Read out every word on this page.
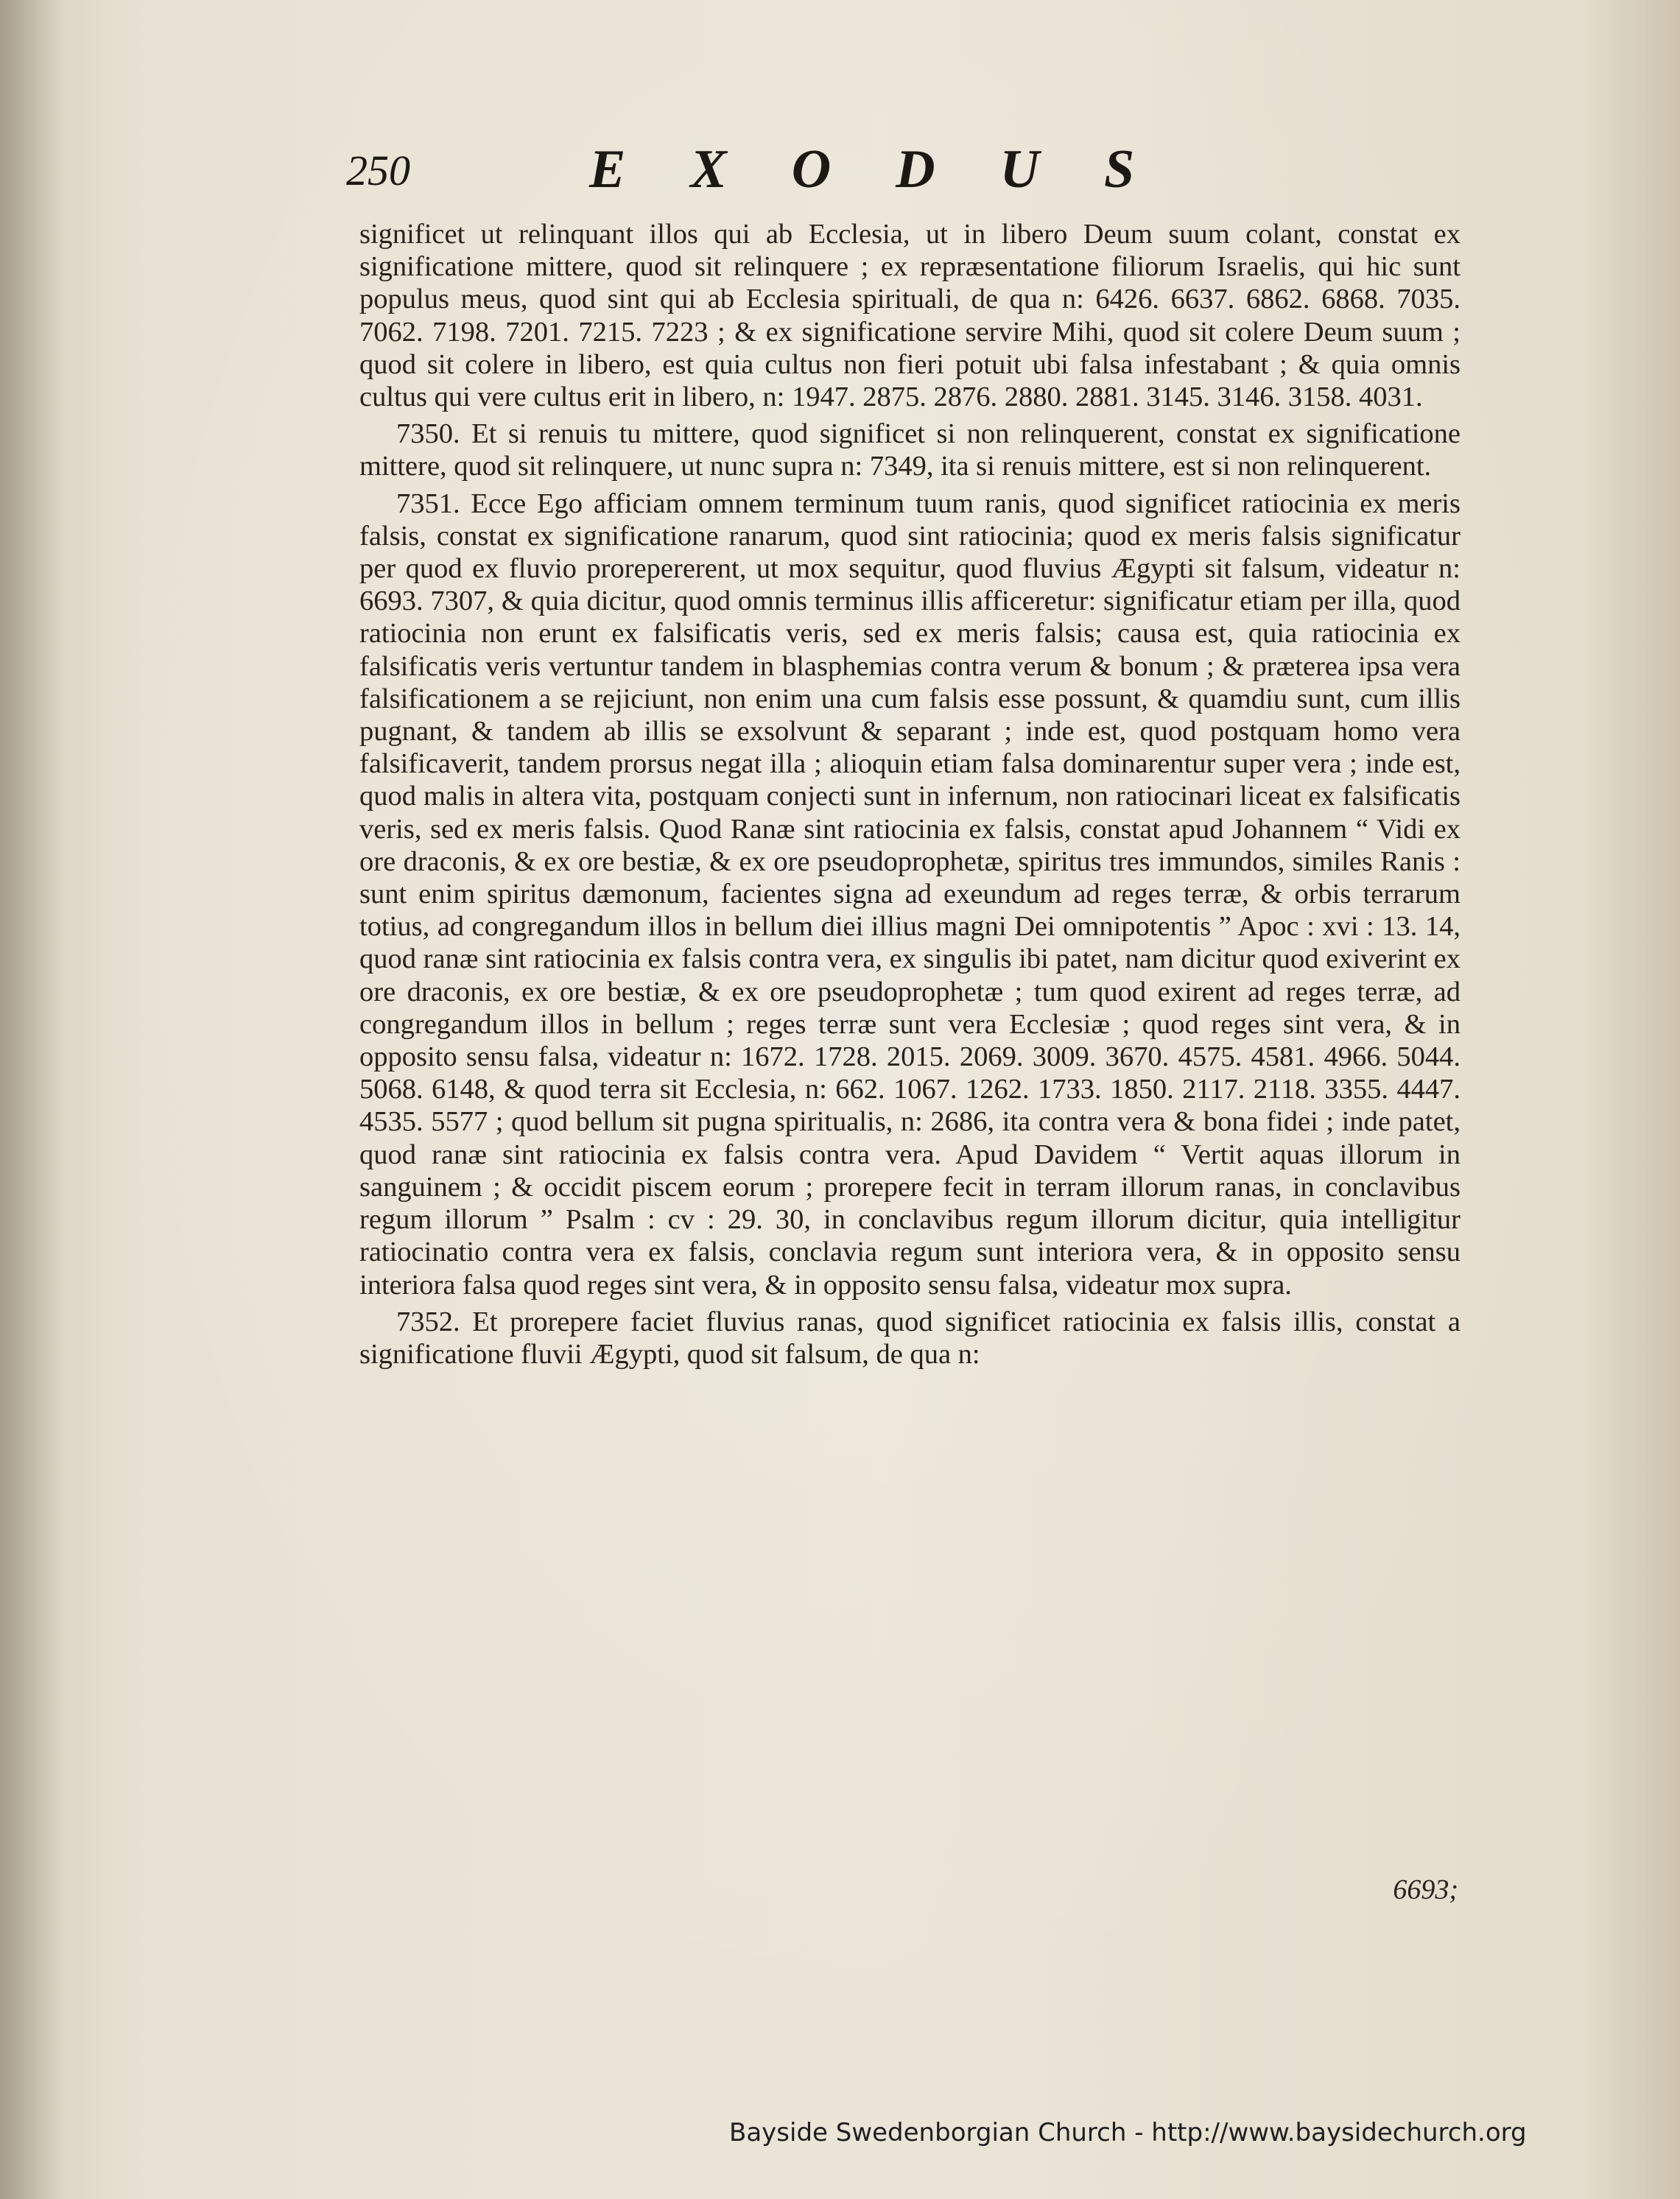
250	EXODUS

significet ut relinquant illos qui ab Ecclesia, ut in libero Deum suum colant, constat ex significatione mittere, quod sit relinquere ; ex repræsentatione filiorum Israelis, qui hic sunt populus meus, quod sint qui ab Ecclesia spirituali, de qua n: 6426. 6637. 6862. 6868. 7035. 7062. 7198. 7201. 7215. 7223 ; & ex significatione servire Mihi, quod sit colere Deum suum ; quod sit colere in libero, est quia cultus non fieri potuit ubi falsa infestabant ; & quia omnis cultus qui vere cultus erit in libero, n: 1947. 2875. 2876. 2880. 2881. 3145. 3146. 3158. 4031.

7350. Et si renuis tu mittere, quod significet si non relinquerent, constat ex significatione mittere, quod sit relinquere, ut nunc supra n: 7349, ita si renuis mittere, est si non relinquerent.

7351. Ecce Ego afficiam omnem terminum tuum ranis, quod significet ratiocinia ex meris falsis, constat ex significatione ranarum, quod sint ratiocinia; quod ex meris falsis significatur per quod ex fluvio prorepererent, ut mox sequitur, quod fluvius Ægypti sit falsum, videatur n: 6693. 7307, & quia dicitur, quod omnis terminus illis afficeretur: significatur etiam per illa, quod ratiocinia non erunt ex falsificatis veris, sed ex meris falsis; causa est, quia ratiocinia ex falsificatis veris vertuntur tandem in blasphemias contra verum & bonum ; & præterea ipsa vera falsificationem a se rejiciunt, non enim una cum falsis esse possunt, & quamdiu sunt, cum illis pugnant, & tandem ab illis se exsolvunt & separant ; inde est, quod postquam homo vera falsificaverit, tandem prorsus negat illa ; alioquin etiam falsa dominarentur super vera ; inde est, quod malis in altera vita, postquam conjecti sunt in infernum, non ratiocinari liceat ex falsificatis veris, sed ex meris falsis. Quod Ranæ sint ratiocinia ex falsis, constat apud Johannem “ Vidi ex ore draconis, & ex ore bestiæ, & ex ore pseudoprophetæ, spiritus tres immundos, similes Ranis : sunt enim spiritus dæmonum, facientes signa ad exeundum ad reges terræ, & orbis terrarum totius, ad congregandum illos in bellum diei illius magni Dei omnipotentis ” Apoc : xvi : 13. 14, quod ranæ sint ratiocinia ex falsis contra vera, ex singulis ibi patet, nam dicitur quod exiverint ex ore draconis, ex ore bestiæ, & ex ore pseudoprophetæ ; tum quod exirent ad reges terræ, ad congregandum illos in bellum ; reges terræ sunt vera Ecclesiæ ; quod reges sint vera, & in opposito sensu falsa, videatur n: 1672. 1728. 2015. 2069. 3009. 3670. 4575. 4581. 4966. 5044. 5068. 6148, & quod terra sit Ecclesia, n: 662. 1067. 1262. 1733. 1850. 2117. 2118. 3355. 4447. 4535. 5577 ; quod bellum sit pugna spiritualis, n: 2686, ita contra vera & bona fidei ; inde patet, quod ranæ sint ratiocinia ex falsis contra vera. Apud Davidem “ Vertit aquas illorum in sanguinem ; & occidit piscem eorum ; prorepere fecit in terram illorum ranas, in conclavibus regum illorum ” Psalm : cv : 29. 30, in conclavibus regum illorum dicitur, quia intelligitur ratiocinatio contra vera ex falsis, conclavia regum sunt interiora vera, & in opposito sensu interiora falsa quod reges sint vera, & in opposito sensu falsa, videatur mox supra.

7352. Et prorepere faciet fluvius ranas, quod significet ratiocinia ex falsis illis, constat a significatione fluvii Ægypti, quod sit falsum, de qua n:

6693;
Bayside Swedenborgian Church - http://www.baysidechurch.org
